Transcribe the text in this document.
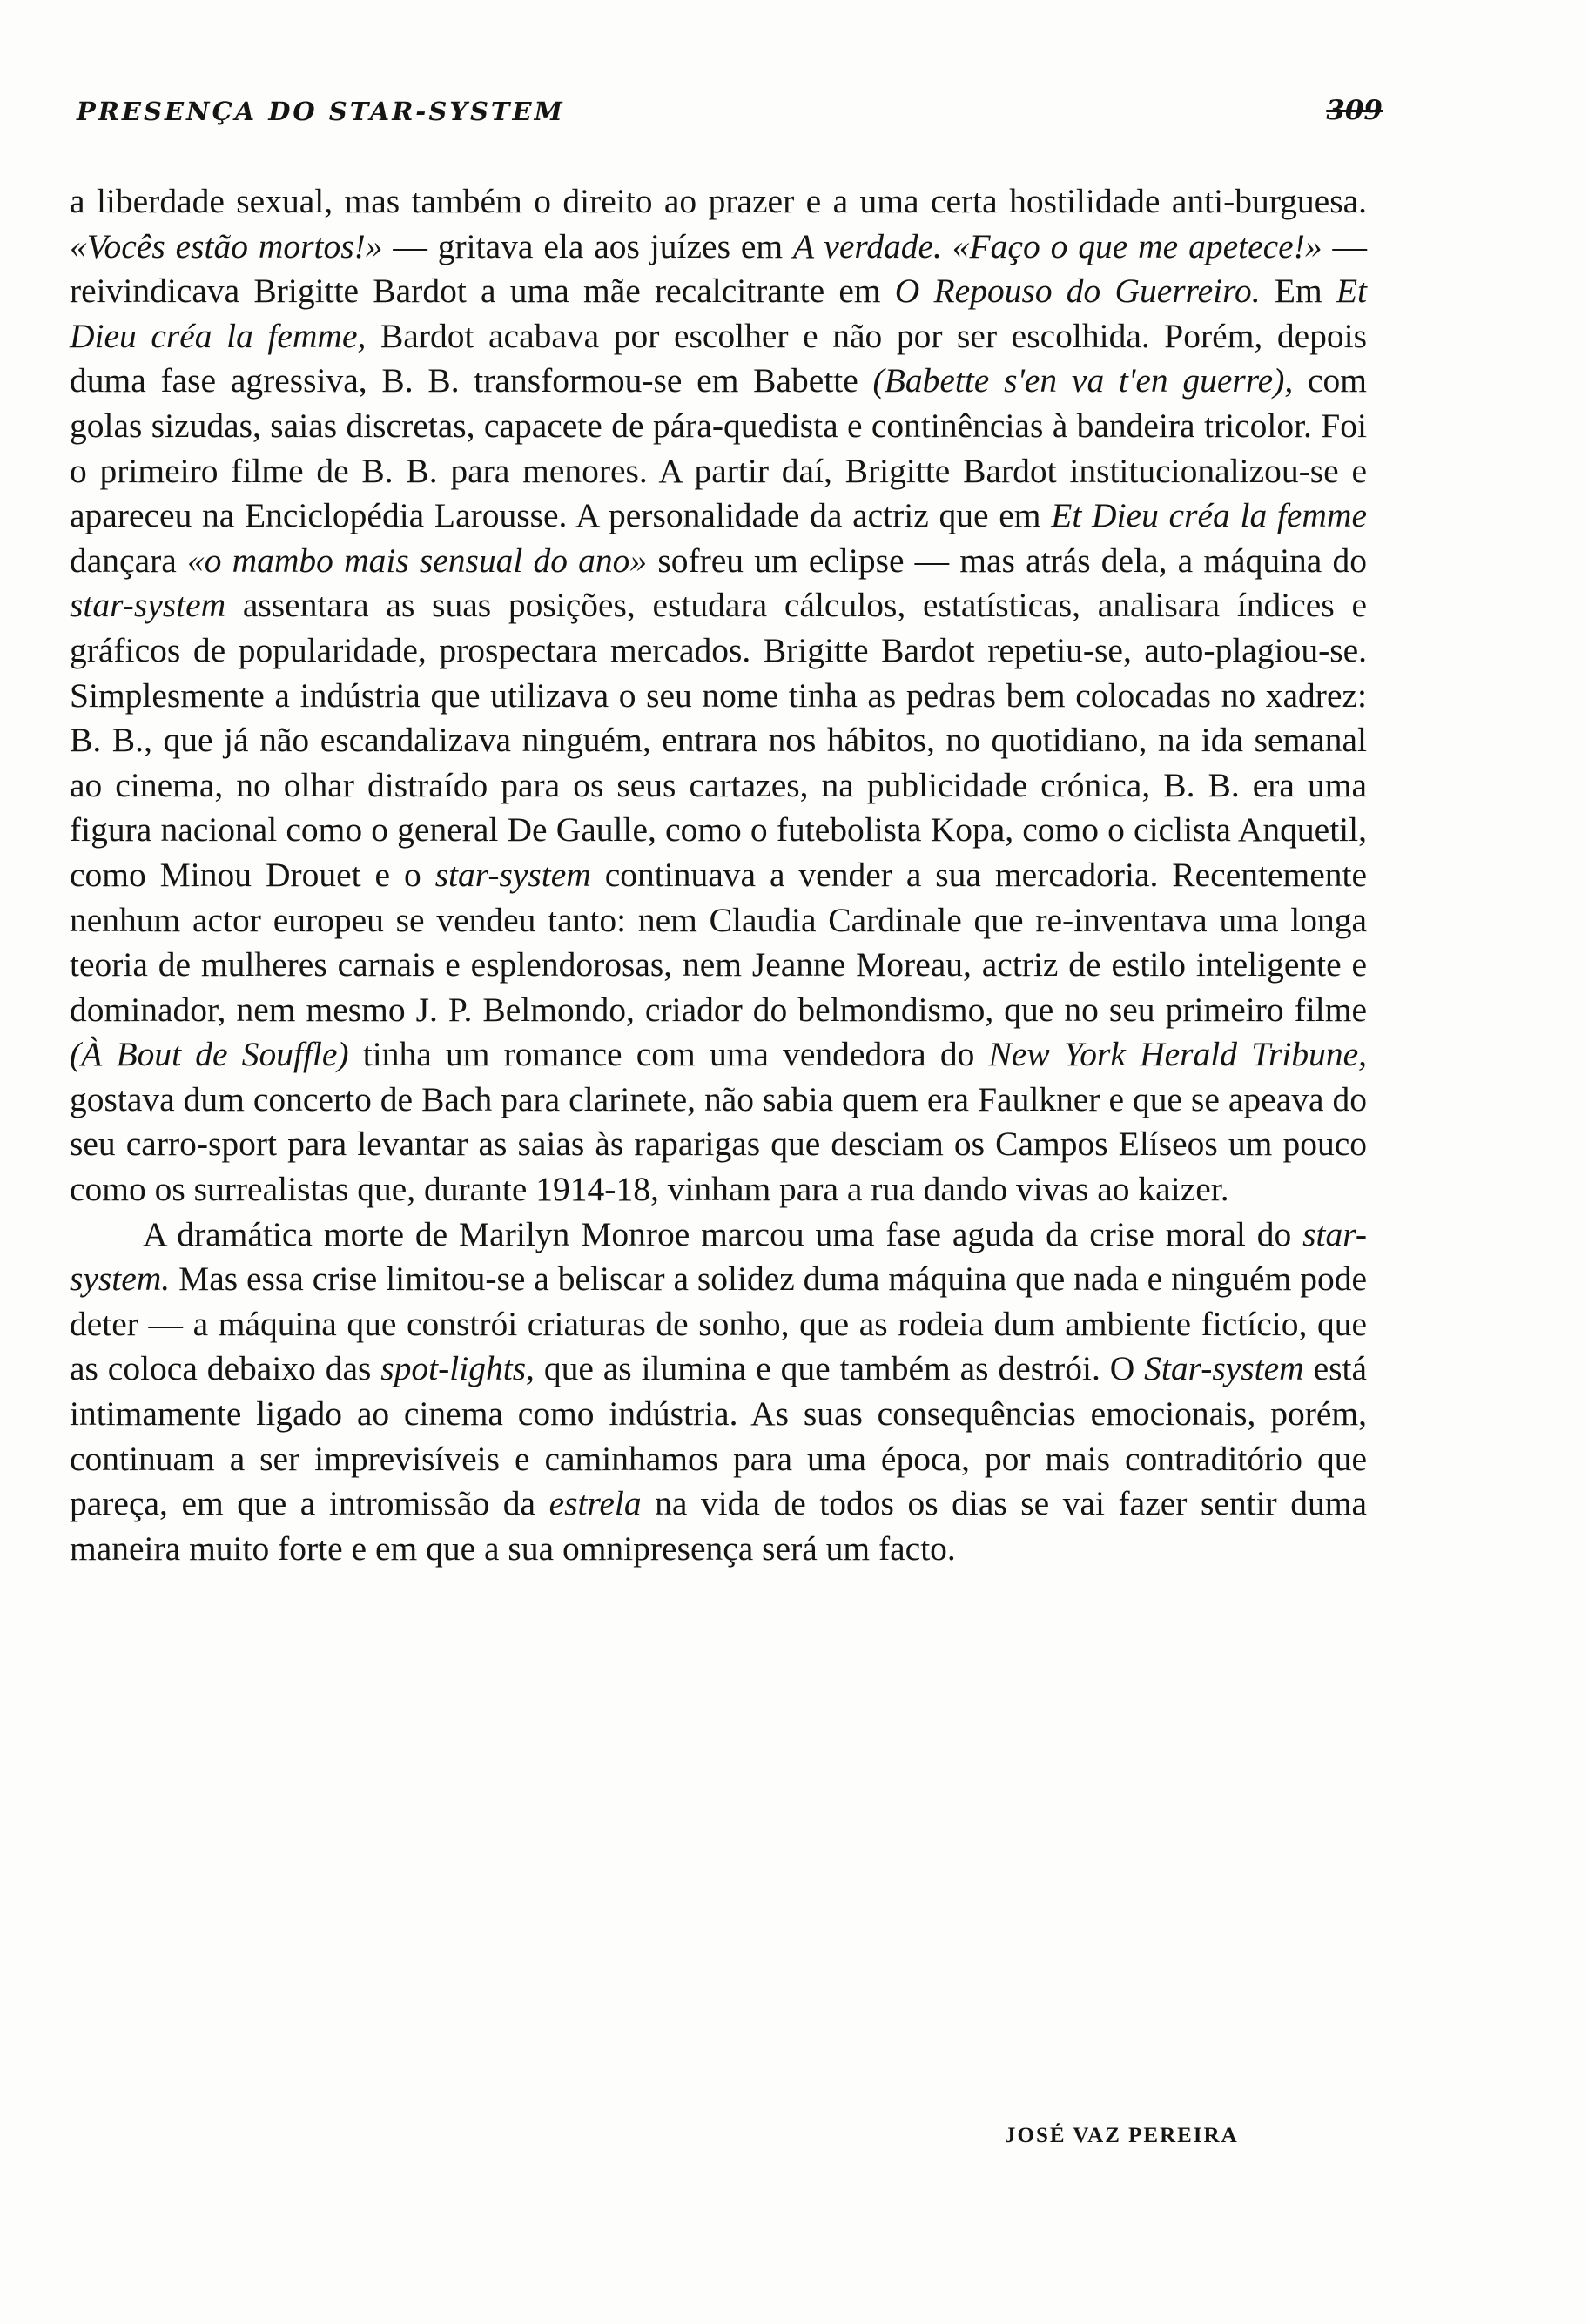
PRESENÇA DO STAR-SYSTEM	309

a liberdade sexual, mas também o direito ao prazer e a uma certa hostilidade anti-burguesa. «Vocês estão mortos!» — gritava ela aos juízes em A verdade. «Faço o que me apetece!» — reivindicava Brigitte Bardot a uma mãe recalcitrante em O Repouso do Guerreiro. Em Et Dieu créa la femme, Bardot acabava por escolher e não por ser escolhida. Porém, depois duma fase agressiva, B. B. transformou-se em Babette (Babette s'en va t'en guerre), com golas sizudas, saias discretas, capacete de pára-quedista e continências à bandeira tricolor. Foi o primeiro filme de B. B. para menores. A partir daí, Brigitte Bardot institucionalizou-se e apareceu na Enciclopédia Larousse. A personalidade da actriz que em Et Dieu créa la femme dançara «o mambo mais sensual do ano» sofreu um eclipse — mas atrás dela, a máquina do star-system assentara as suas posições, estudara cálculos, estatísticas, analisara índices e gráficos de popularidade, prospectara mercados. Brigitte Bardot repetiu-se, auto-plagiou-se. Simplesmente a indústria que utilizava o seu nome tinha as pedras bem colocadas no xadrez: B. B., que já não escandalizava ninguém, entrara nos hábitos, no quotidiano, na ida semanal ao cinema, no olhar distraído para os seus cartazes, na publicidade crónica, B. B. era uma figura nacional como o general De Gaulle, como o futebolista Kopa, como o ciclista Anquetil, como Minou Drouet e o star-system continuava a vender a sua mercadoria. Recentemente nenhum actor europeu se vendeu tanto: nem Claudia Cardinale que re-inventava uma longa teoria de mulheres carnais e esplendorosas, nem Jeanne Moreau, actriz de estilo inteligente e dominador, nem mesmo J. P. Belmondo, criador do belmondismo, que no seu primeiro filme (À Bout de Souffle) tinha um romance com uma vendedora do New York Herald Tribune, gostava dum concerto de Bach para clarinete, não sabia quem era Faulkner e que se apeava do seu carro-sport para levantar as saias às raparigas que desciam os Campos Elíseos um pouco como os surrealistas que, durante 1914-18, vinham para a rua dando vivas ao kaizer.

A dramática morte de Marilyn Monroe marcou uma fase aguda da crise moral do star-system. Mas essa crise limitou-se a beliscar a solidez duma máquina que nada e ninguém pode deter — a máquina que constrói criaturas de sonho, que as rodeia dum ambiente fictício, que as coloca debaixo das spot-lights, que as ilumina e que também as destrói. O Star-system está intimamente ligado ao cinema como indústria. As suas consequências emocionais, porém, continuam a ser imprevisíveis e caminhamos para uma época, por mais contraditório que pareça, em que a intromissão da estrela na vida de todos os dias se vai fazer sentir duma maneira muito forte e em que a sua omnipresença será um facto.

JOSÉ VAZ PEREIRA
